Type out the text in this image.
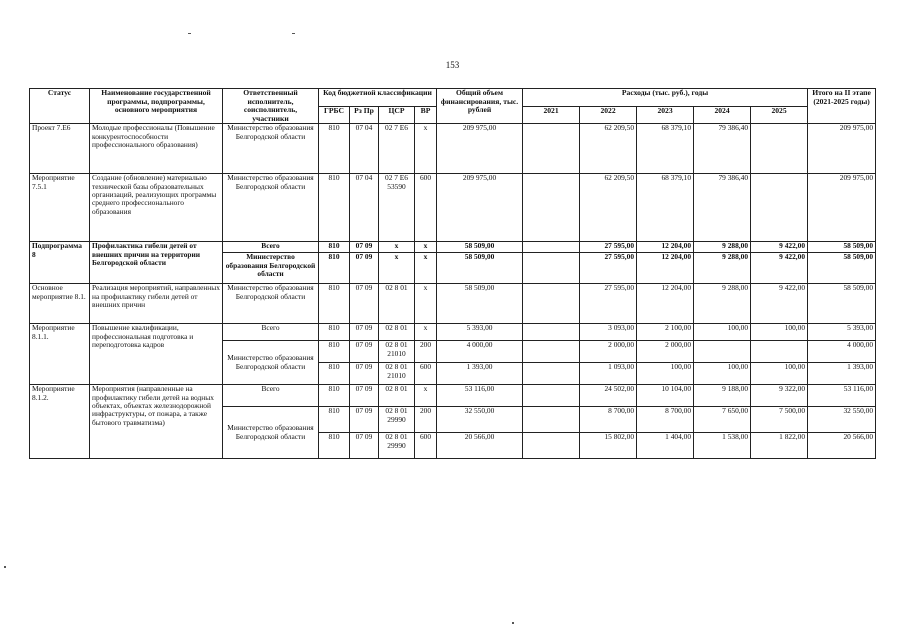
153
Статус	Наименование государственной программы, подпрограммы, основного мероприятия	Ответственный исполнитель, соисполнитель, участники	Код бюджетной классификации				Общий объем финансирования, тыс. рублей	Расходы (тыс. руб.), годы					Итого на II этапе (2021-2025 годы)
			ГРБС	Рз Пр	ЦСР	ВР		2021	2022	2023	2024	2025	
Проект 7.Е6	Молодые профессионалы (Повышение конкурентоспособности профессионального образования)	Министерство образования Белгородской области	810	07 04	02 7 Е6	х	209 975,00		62 209,50	68 379,10	79 386,40		209 975,00
Мероприятие 7.5.1	Создание (обновление) материально технической базы образовательных организаций, реализующих программы среднего профессионального образования	Министерство образования Белгородской области	810	07 04	02 7 Е6 53590	600	209 975,00		62 209,50	68 379,10	79 386,40		209 975,00
Подпрограмма 8	Профилактика гибели детей от внешних причин на территории Белгородской области	Всего	810	07 09	х	х	58 509,00		27 595,00	12 204,00	9 288,00	9 422,00	58 509,00
		Министерство образования Белгородской области	810	07 09	х	х	58 509,00		27 595,00	12 204,00	9 288,00	9 422,00	58 509,00
Основное мероприятие 8.1.	Реализация мероприятий, направленных на профилактику гибели детей от внешних причин	Министерство образования Белгородской области	810	07 09	02 8 01	х	58 509,00		27 595,00	12 204,00	9 288,00	9 422,00	58 509,00
Мероприятие 8.1.1.	Повышение квалификации, профессиональная подготовка и переподготовка кадров	Всего	810	07 09	02 8 01	х	5 393,00		3 093,00	2 100,00	100,00	100,00	5 393,00
		Министерство образования Белгородской области	810	07 09	02 8 01 21010	200	4 000,00		2 000,00	2 000,00			4 000,00
			810	07 09	02 8 01 21010	600	1 393,00		1 093,00	100,00	100,00	100,00	1 393,00
Мероприятие 8.1.2.	Мероприятия (направленные на профилактику гибели детей на водных объектах, объектах железнодорожной инфраструктуры, от пожара, а также бытового травматизма)	Всего	810	07 09	02 8 01	х	53 116,00		24 502,00	10 104,00	9 188,00	9 322,00	53 116,00
		Министерство образования Белгородской области	810	07 09	02 8 01 29990	200	32 550,00		8 700,00	8 700,00	7 650,00	7 500,00	32 550,00
			810	07 09	02 8 01 29990	600	20 566,00		15 802,00	1 404,00	1 538,00	1 822,00	20 566,00
